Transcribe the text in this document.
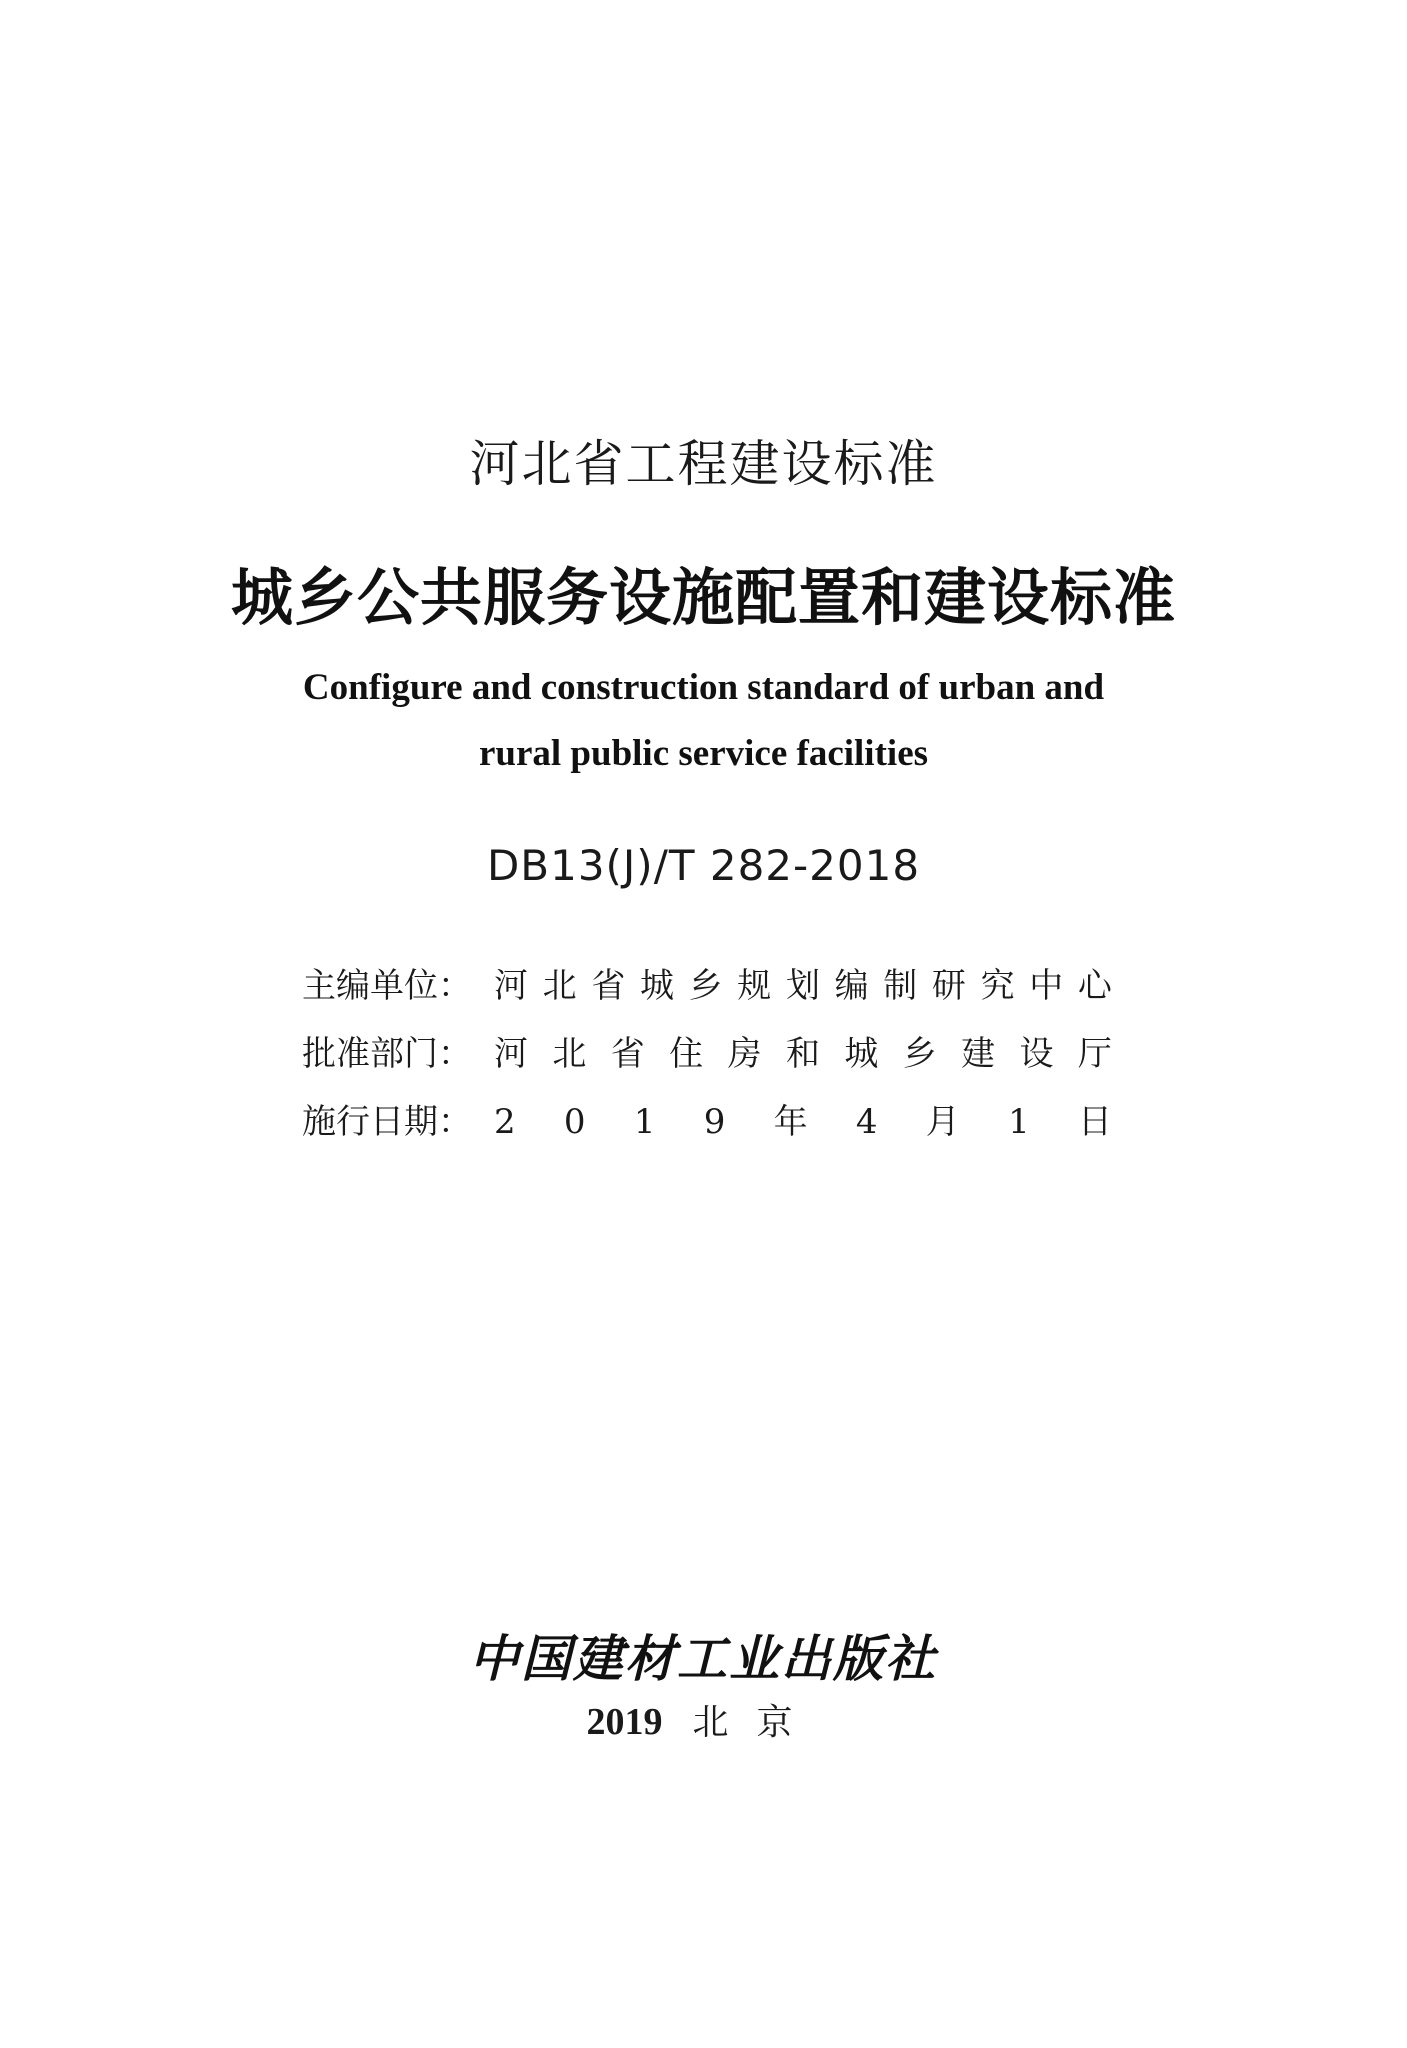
河北省工程建设标准
城乡公共服务设施配置和建设标准
Configure and construction standard of urban and
rural public service facilities
DB13(J)/T 282-2018
主编单位： 河 北 省 城 乡 规 划 编 制 研 究 中 心
批准部门： 河 北 省 住 房 和 城 乡 建 设 厅
施行日期： 2 0 1 9 年 4 月 1 日
中国建材工业出版社
2019 北京
